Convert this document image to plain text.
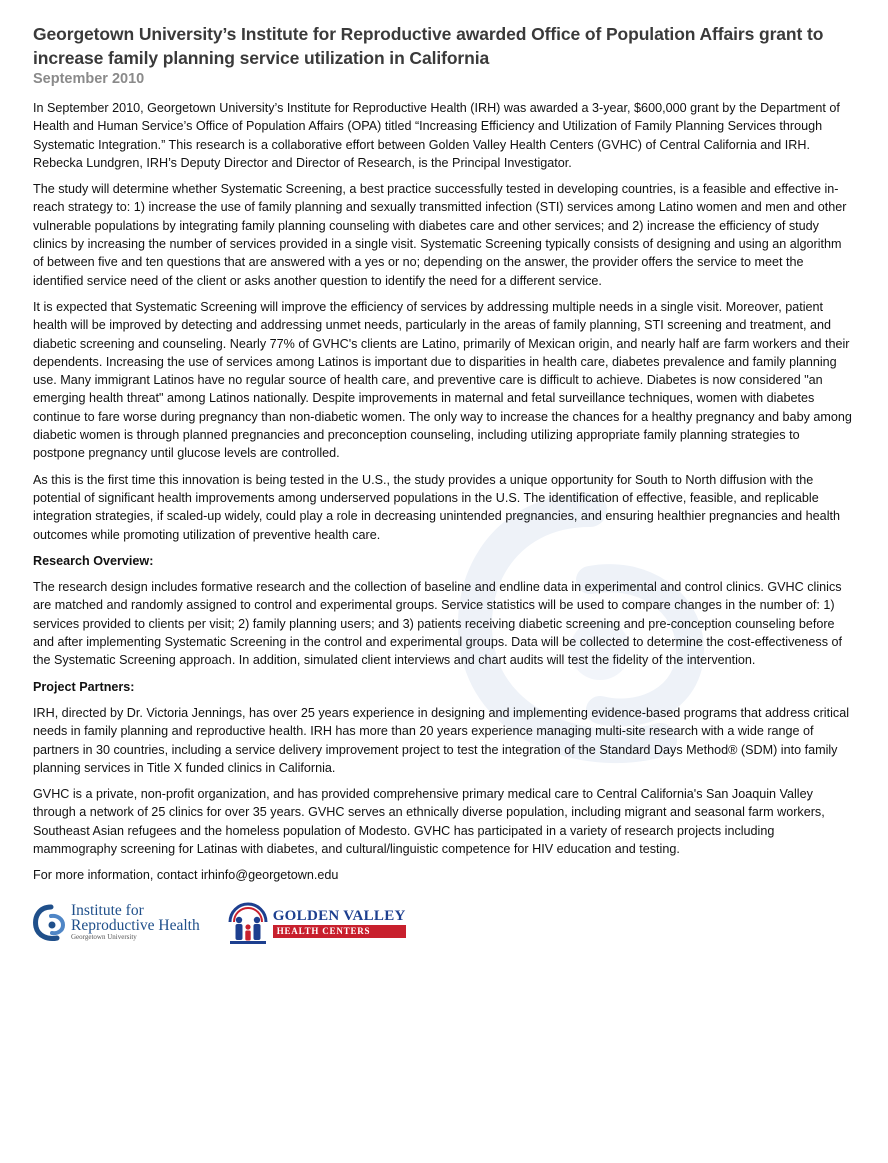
Georgetown University’s Institute for Reproductive awarded Office of Population Affairs grant to increase family planning service utilization in California
September 2010

In September 2010, Georgetown University’s Institute for Reproductive Health (IRH) was awarded a 3-year, $600,000 grant by the Department of Health and Human Service’s Office of Population Affairs (OPA) titled “Increasing Efficiency and Utilization of Family Planning Services through Systematic Integration.” This research is a collaborative effort between Golden Valley Health Centers (GVHC) of Central California and IRH. Rebecka Lundgren, IRH’s Deputy Director and Director of Research, is the Principal Investigator.

The study will determine whether Systematic Screening, a best practice successfully tested in developing countries, is a feasible and effective in-reach strategy to: 1) increase the use of family planning and sexually transmitted infection (STI) services among Latino women and men and other vulnerable populations by integrating family planning counseling with diabetes care and other services; and 2) increase the efficiency of study clinics by increasing the number of services provided in a single visit. Systematic Screening typically consists of designing and using an algorithm of between five and ten questions that are answered with a yes or no; depending on the answer, the provider offers the service to meet the identified service need of the client or asks another question to identify the need for a different service.

It is expected that Systematic Screening will improve the efficiency of services by addressing multiple needs in a single visit. Moreover, patient health will be improved by detecting and addressing unmet needs, particularly in the areas of family planning, STI screening and treatment, and diabetic screening and counseling. Nearly 77% of GVHC's clients are Latino, primarily of Mexican origin, and nearly half are farm workers and their dependents. Increasing the use of services among Latinos is important due to disparities in health care, diabetes prevalence and family planning use. Many immigrant Latinos have no regular source of health care, and preventive care is difficult to achieve. Diabetes is now considered "an emerging health threat" among Latinos nationally. Despite improvements in maternal and fetal surveillance techniques, women with diabetes continue to fare worse during pregnancy than non-diabetic women. The only way to increase the chances for a healthy pregnancy and baby among diabetic women is through planned pregnancies and preconception counseling, including utilizing appropriate family planning strategies to postpone pregnancy until glucose levels are controlled.

As this is the first time this innovation is being tested in the U.S., the study provides a unique opportunity for South to North diffusion with the potential of significant health improvements among underserved populations in the U.S. The identification of effective, feasible, and replicable integration strategies, if scaled-up widely, could play a role in decreasing unintended pregnancies, and ensuring healthier pregnancies and health outcomes while promoting utilization of preventive health care.

Research Overview:

The research design includes formative research and the collection of baseline and endline data in experimental and control clinics. GVHC clinics are matched and randomly assigned to control and experimental groups. Service statistics will be used to compare changes in the number of: 1) services provided to clients per visit; 2) family planning users; and 3) patients receiving diabetic screening and pre-conception counseling before and after implementing Systematic Screening in the control and experimental groups. Data will be collected to determine the cost-effectiveness of the Systematic Screening approach. In addition, simulated client interviews and chart audits will test the fidelity of the intervention.

Project Partners:

IRH, directed by Dr. Victoria Jennings, has over 25 years experience in designing and implementing evidence-based programs that address critical needs in family planning and reproductive health. IRH has more than 20 years experience managing multi-site research with a wide range of partners in 30 countries, including a service delivery improvement project to test the integration of the Standard Days Method® (SDM) into family planning services in Title X funded clinics in California.

GVHC is a private, non-profit organization, and has provided comprehensive primary medical care to Central California's San Joaquin Valley through a network of 25 clinics for over 35 years. GVHC serves an ethnically diverse population, including migrant and seasonal farm workers, Southeast Asian refugees and the homeless population of Modesto. GVHC has participated in a variety of research projects including mammography screening for Latinas with diabetes, and cultural/linguistic competence for HIV education and testing.

For more information, contact irhinfo@georgetown.edu

Institute for
Reproductive Health
Georgetown University
GOLDEN VALLEY
HEALTH CENTERS
